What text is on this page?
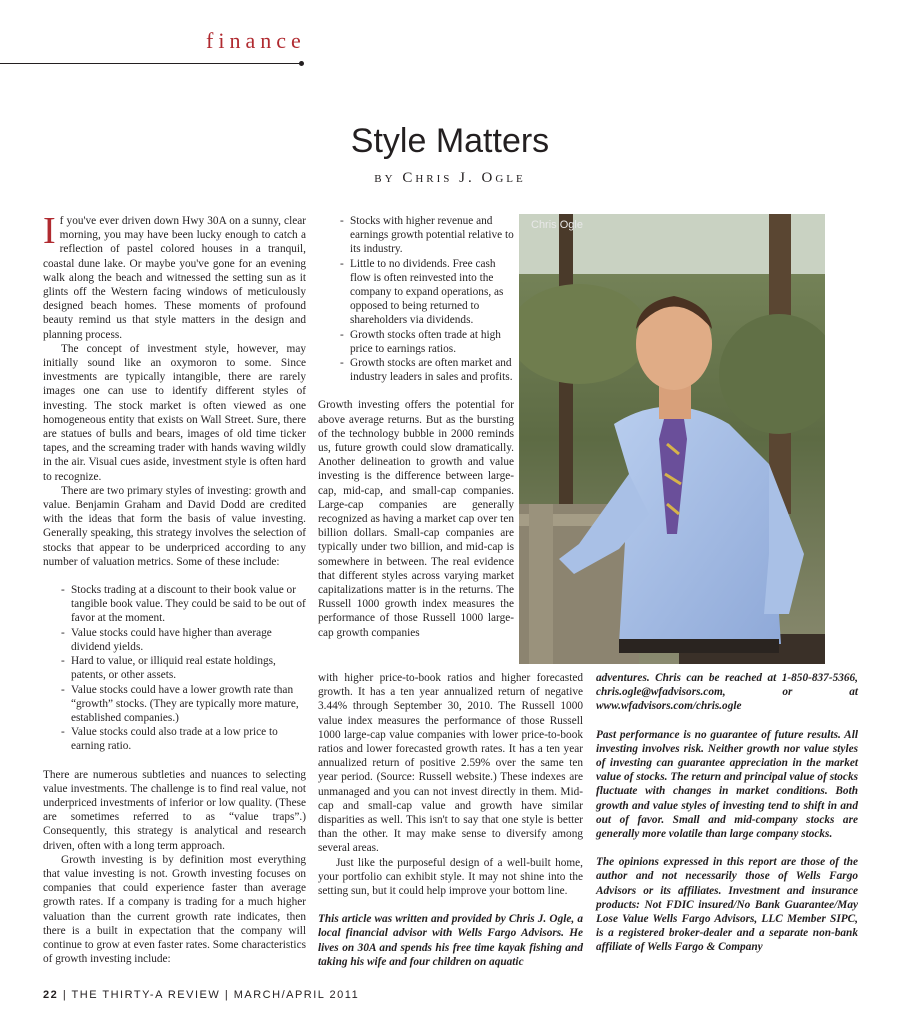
finance
Style Matters
by Chris J. Ogle
I f you've ever driven down Hwy 30A on a sunny, clear morning, you may have been lucky enough to catch a reflection of pastel colored houses in a tranquil, coastal dune lake. Or maybe you've gone for an evening walk along the beach and witnessed the setting sun as it glints off the Western facing windows of meticulously designed beach homes. These moments of profound beauty remind us that style matters in the design and planning process.

The concept of investment style, however, may initially sound like an oxymoron to some. Since investments are typically intangible, there are rarely images one can use to identify different styles of investing. The stock market is often viewed as one homogeneous entity that exists on Wall Street. Sure, there are statues of bulls and bears, images of old time ticker tapes, and the screaming trader with hands waving wildly in the air. Visual cues aside, investment style is often hard to recognize.

There are two primary styles of investing: growth and value. Benjamin Graham and David Dodd are credited with the ideas that form the basis of value investing. Generally speaking, this strategy involves the selection of stocks that appear to be underpriced according to any number of valuation metrics. Some of these include:

- Stocks trading at a discount to their book value or tangible book value. They could be said to be out of favor at the moment.
- Value stocks could have higher than average dividend yields.
- Hard to value, or illiquid real estate holdings, patents, or other assets.
- Value stocks could have a lower growth rate than “growth” stocks. (They are typically more mature, established companies.)
- Value stocks could also trade at a low price to earning ratio.

There are numerous subtleties and nuances to selecting value investments. The challenge is to find real value, not underpriced investments of inferior or low quality. (These are sometimes referred to as “value traps”.) Consequently, this strategy is analytical and research driven, often with a long term approach.

Growth investing is by definition most everything that value investing is not. Growth investing focuses on companies that could experience faster than average growth rates. If a company is trading for a much higher valuation than the current growth rate indicates, then there is a built in expectation that the company will continue to grow at even faster rates. Some characteristics of growth investing include:

- Stocks with higher revenue and earnings growth potential relative to its industry.
- Little to no dividends. Free cash flow is often reinvested into the company to expand operations, as opposed to being returned to shareholders via dividends.
- Growth stocks often trade at high price to earnings ratios.
- Growth stocks are often market and industry leaders in sales and profits.

Growth investing offers the potential for above average returns. But as the bursting of the technology bubble in 2000 reminds us, future growth could slow dramatically. Another delineation to growth and value investing is the difference between large-cap, mid-cap, and small-cap companies. Large-cap companies are generally recognized as having a market cap over ten billion dollars. Small-cap companies are typically under two billion, and mid-cap is somewhere in between. The real evidence that different styles across varying market capitalizations matter is in the returns. The Russell 1000 growth index measures the performance of those Russell 1000 large-cap growth companies

with higher price-to-book ratios and higher forecasted growth. It has a ten year annualized return of negative 3.44% through September 30, 2010. The Russell 1000 value index measures the performance of those Russell 1000 large-cap value companies with lower price-to-book ratios and lower forecasted growth rates. It has a ten year annualized return of positive 2.59% over the same ten year period. (Source: Russell website.) These indexes are unmanaged and you can not invest directly in them. Mid-cap and small-cap value and growth have similar disparities as well. This isn't to say that one style is better than the other. It may make sense to diversify among several areas.

Just like the purposeful design of a well-built home, your portfolio can exhibit style. It may not shine into the setting sun, but it could help improve your bottom line.

This article was written and provided by Chris J. Ogle, a local financial advisor with Wells Fargo Advisors. He lives on 30A and spends his free time kayak fishing and taking his wife and four children on aquatic

adventures. Chris can be reached at 1-850-837-5366, chris.ogle@wfadvisors.com, or at www.wfadvisors.com/chris.ogle

Past performance is no guarantee of future results. All investing involves risk. Neither growth nor value styles of investing can guarantee appreciation in the market value of stocks. The return and principal value of stocks fluctuate with changes in market conditions. Both growth and value styles of investing tend to shift in and out of favor. Small and mid-company stocks are generally more volatile than large company stocks.

The opinions expressed in this report are those of the author and not necessarily those of Wells Fargo Advisors or its affiliates. Investment and insurance products: Not FDIC insured/No Bank Guarantee/May Lose Value Wells Fargo Advisors, LLC Member SIPC, is a registered broker-dealer and a separate non-bank affiliate of Wells Fargo & Company

Chris Ogle
22 | THE THIRTY-A REVIEW | MARCH/APRIL 2011
